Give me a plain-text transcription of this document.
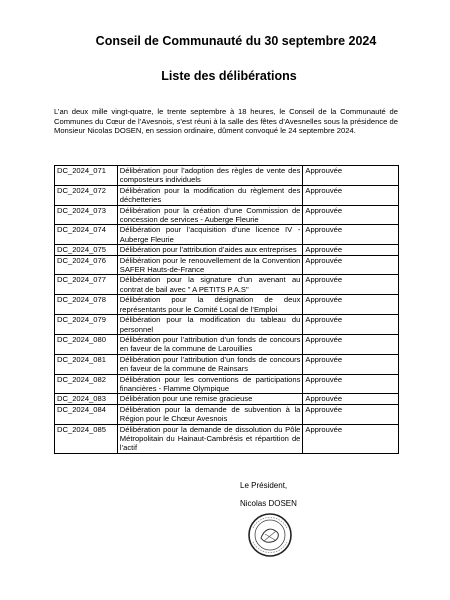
Conseil de Communauté du 30 septembre 2024
Liste des délibérations
L’an deux mille vingt-quatre, le trente septembre à 18 heures, le Conseil de la Communauté de Communes du Cœur de l’Avesnois, s’est réuni à la salle des fêtes d’Avesnelles sous la présidence de Monsieur Nicolas DOSEN, en session ordinaire, dûment convoqué le 24 septembre 2024.
DC_2024_071	Délibération pour l’adoption des règles de vente des composteurs individuels	Approuvée
DC_2024_072	Délibération pour la modification du règlement des déchetteries	Approuvée
DC_2024_073	Délibération pour la création d’une Commission de concession de services - Auberge Fleurie	Approuvée
DC_2024_074	Délibération pour l’acquisition d’une licence IV - Auberge Fleurie	Approuvée
DC_2024_075	Délibération pour l’attribution d’aides aux entreprises	Approuvée
DC_2024_076	Délibération pour le renouvellement de la Convention SAFER Hauts-de-France	Approuvée
DC_2024_077	Délibération pour la signature d’un avenant au contrat de bail avec " A PETITS P.A.S"	Approuvée
DC_2024_078	Délibération pour la désignation de deux représentants pour le Comité Local de l’Emploi	Approuvée
DC_2024_079	Délibération pour la modification du tableau du personnel	Approuvée
DC_2024_080	Délibération pour l’attribution d’un fonds de concours en faveur de la commune de Larouillies	Approuvée
DC_2024_081	Délibération pour l’attribution d’un fonds de concours en faveur de la commune de Rainsars	Approuvée
DC_2024_082	Délibération pour les conventions de participations financières - Flamme Olympique	Approuvée
DC_2024_083	Délibération pour une remise gracieuse	Approuvée
DC_2024_084	Délibération pour la demande de subvention à la Région pour le Chœur Avesnois	Approuvée
DC_2024_085	Délibération pour la demande de dissolution du Pôle Métropolitain du Hainaut-Cambrésis et répartition de l’actif	Approuvée
Le Président,
Nicolas DOSEN
